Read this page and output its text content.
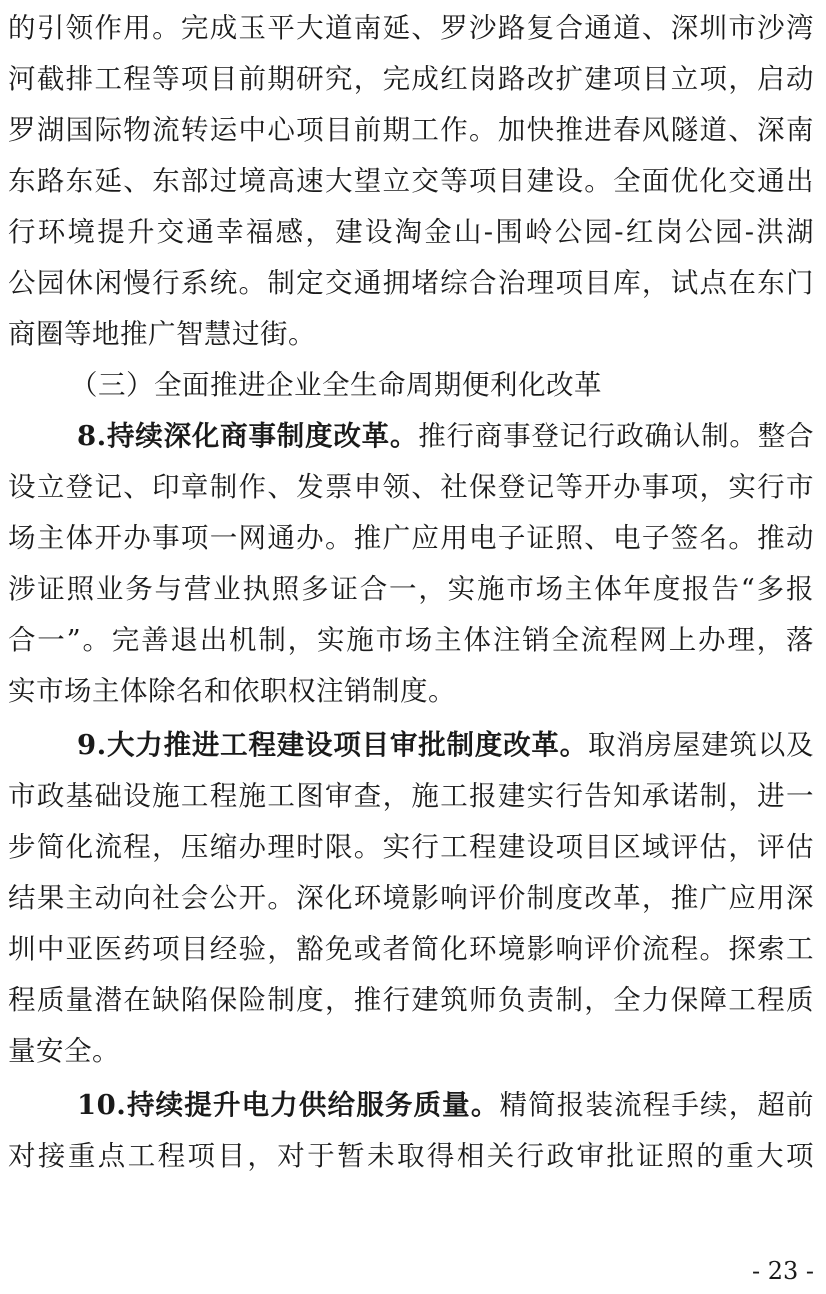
的引领作用。完成玉平大道南延、罗沙路复合通道、深圳市沙湾
河截排工程等项目前期研究，完成红岗路改扩建项目立项，启动
罗湖国际物流转运中心项目前期工作。加快推进春风隧道、深南
东路东延、东部过境高速大望立交等项目建设。全面优化交通出
行环境提升交通幸福感，建设淘金山-围岭公园-红岗公园-洪湖
公园休闲慢行系统。制定交通拥堵综合治理项目库，试点在东门
商圈等地推广智慧过街。
（三）全面推进企业全生命周期便利化改革
8.持续深化商事制度改革。推行商事登记行政确认制。整合
设立登记、印章制作、发票申领、社保登记等开办事项，实行市
场主体开办事项一网通办。推广应用电子证照、电子签名。推动
涉证照业务与营业执照多证合一，实施市场主体年度报告“多报
合一”。完善退出机制，实施市场主体注销全流程网上办理，落
实市场主体除名和依职权注销制度。
9.大力推进工程建设项目审批制度改革。取消房屋建筑以及
市政基础设施工程施工图审查，施工报建实行告知承诺制，进一
步简化流程，压缩办理时限。实行工程建设项目区域评估，评估
结果主动向社会公开。深化环境影响评价制度改革，推广应用深
圳中亚医药项目经验，豁免或者简化环境影响评价流程。探索工
程质量潜在缺陷保险制度，推行建筑师负责制，全力保障工程质
量安全。
10.持续提升电力供给服务质量。精简报装流程手续，超前
对接重点工程项目，对于暂未取得相关行政审批证照的重大项
- 23 -
